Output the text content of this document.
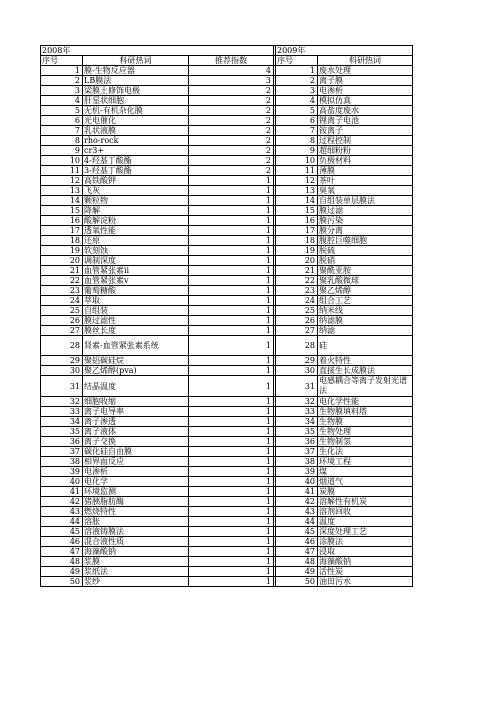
2008年				2009年	
序号	科研热词	推荐指数		序号	科研热词
1	膜-生物反应器	4		1	废水处理
2	LB膜法	3		2	离子膜
3	梁膜土修饰电极	2		3	电渗析
4	肝星状细胞	2		4	模拟仿真
5	无机-有机杂化膜	2		5	高盐度废水
6	光电催化	2		6	锂离子电池
7	乳状液膜	2		7	铵离子
8	rho-rock	2		8	过程控制
9	cr3+	2		9	超细粉粉
10	4-羟基丁酸酯	2		10	负极材料
11	3-羟基丁酸酯	2		11	薄膜
12	高铁酸钾	1		12	茶叶
13	飞灰	1		13	臭氧
14	颗粒物	1		14	自组装单层膜法
15	降解	1		15	膜过滤
16	酸解淀粉	1		16	膜污染
17	透氧性能	1		17	膜分离
18	还原	1		18	腹腔巨噬细胞
19	软刻蚀	1		19	脱硫
20	调制深度	1		20	脱硝
21	血管紧张素ii	1		21	聚酰亚胺
22	血管紧张素v	1		22	聚乳酸微球
23	葡萄糖酸	1		23	聚乙烯醇
24	萃取	1		24	组合工艺
25	自组装	1		25	纳米线
26	膜过滤性	1		26	纳滤膜
27	膜丝长度	1		27	纳滤
28	肾素-血管紧张素系统	1		28	硅
29	聚铝碳硅烷	1		29	着火特性
30	聚乙烯醇(pva)	1		30	直接生长成膜法
31	结晶温度	1		31	电感耦合等离子发射光谱法
32	细胞收缩	1		32	电化学性能
33	离子电导率	1		33	生物膜填料塔
34	离子渗透	1		34	生物膜
35	离子液体	1		35	生物处理
36	离子交换	1		36	生物制氢
37	碳化硅自由膜	1		37	生化法
38	相界面反应	1		38	环境工程
39	电渗析	1		39	煤
40	电化学	1		40	烟道气
41	环境监测	1		41	炭膜
42	猪胰脂肪酶	1		42	溶解性有机炭
43	燃烧特性	1		43	溶剂回收
44	溶胀	1		44	温度
45	溶液铸膜法	1		45	深度处理工艺
46	混合液性质	1		46	涂膜法
47	海藻酸钠	1		47	浸取
48	浆膜	1		48	海藻酸钠
49	浆纸法	1		49	活性炭
50	浆纱	1		50	油田污水
